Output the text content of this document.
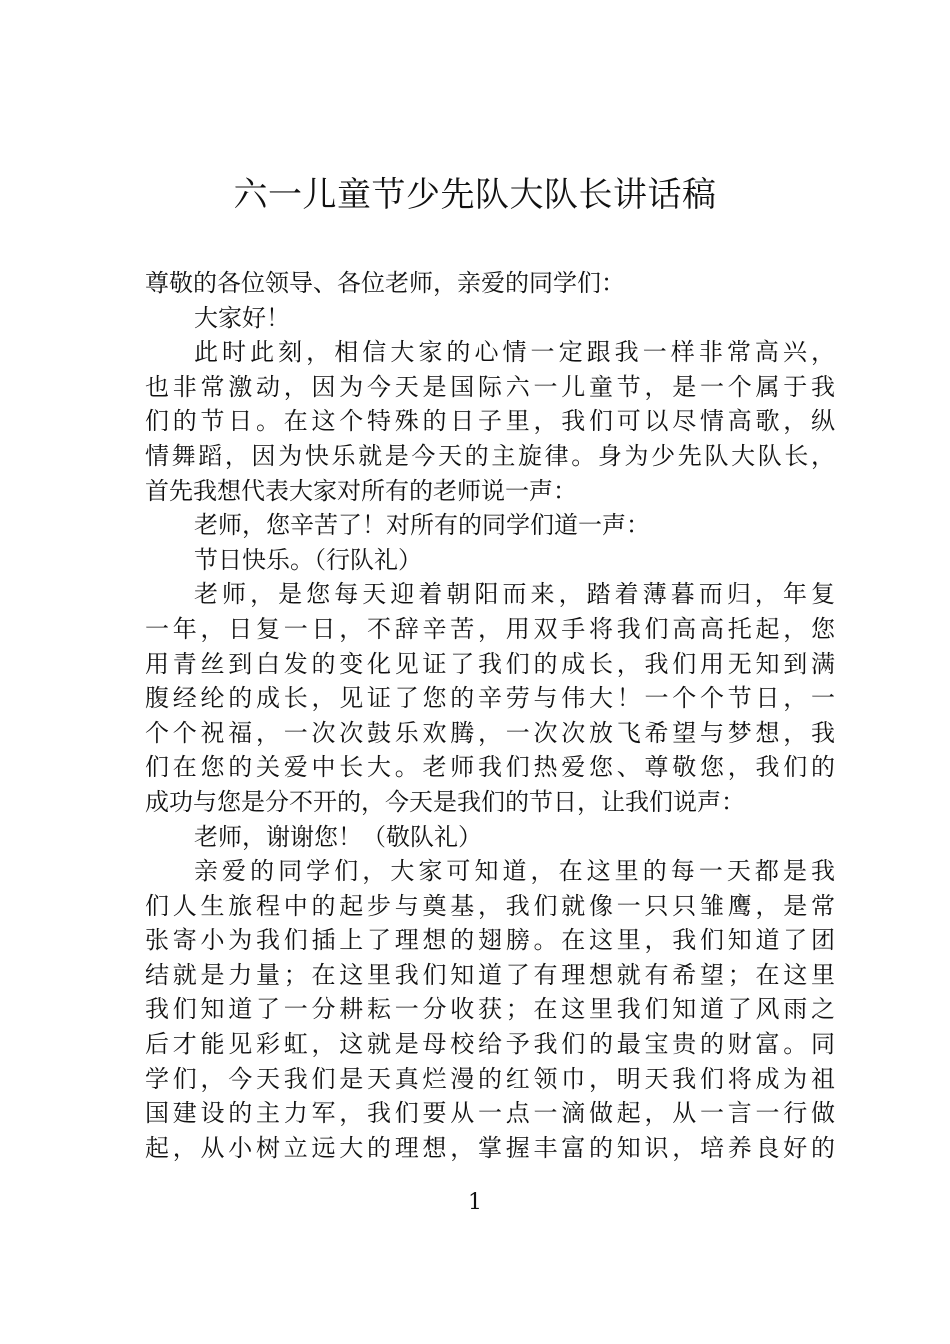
六一儿童节少先队大队长讲话稿
尊敬的各位领导、各位老师，亲爱的同学们：
大家好！
此时此刻，相信大家的心情一定跟我一样非常高兴，
也非常激动，因为今天是国际六一儿童节，是一个属于我
们的节日。在这个特殊的日子里，我们可以尽情高歌，纵
情舞蹈，因为快乐就是今天的主旋律。身为少先队大队长，
首先我想代表大家对所有的老师说一声：
老师，您辛苦了！对所有的同学们道一声：
节日快乐。（行队礼）
老师，是您每天迎着朝阳而来，踏着薄暮而归，年复
一年，日复一日，不辞辛苦，用双手将我们高高托起，您
用青丝到白发的变化见证了我们的成长，我们用无知到满
腹经纶的成长，见证了您的辛劳与伟大！一个个节日，一
个个祝福，一次次鼓乐欢腾，一次次放飞希望与梦想，我
们在您的关爱中长大。老师我们热爱您、尊敬您，我们的
成功与您是分不开的，今天是我们的节日，让我们说声：
老师，谢谢您！（敬队礼）
亲爱的同学们，大家可知道，在这里的每一天都是我
们人生旅程中的起步与奠基，我们就像一只只雏鹰，是常
张寄小为我们插上了理想的翅膀。在这里，我们知道了团
结就是力量；在这里我们知道了有理想就有希望；在这里
我们知道了一分耕耘一分收获；在这里我们知道了风雨之
后才能见彩虹，这就是母校给予我们的最宝贵的财富。同
学们，今天我们是天真烂漫的红领巾，明天我们将成为祖
国建设的主力军，我们要从一点一滴做起，从一言一行做
起，从小树立远大的理想，掌握丰富的知识，培养良好的
1
